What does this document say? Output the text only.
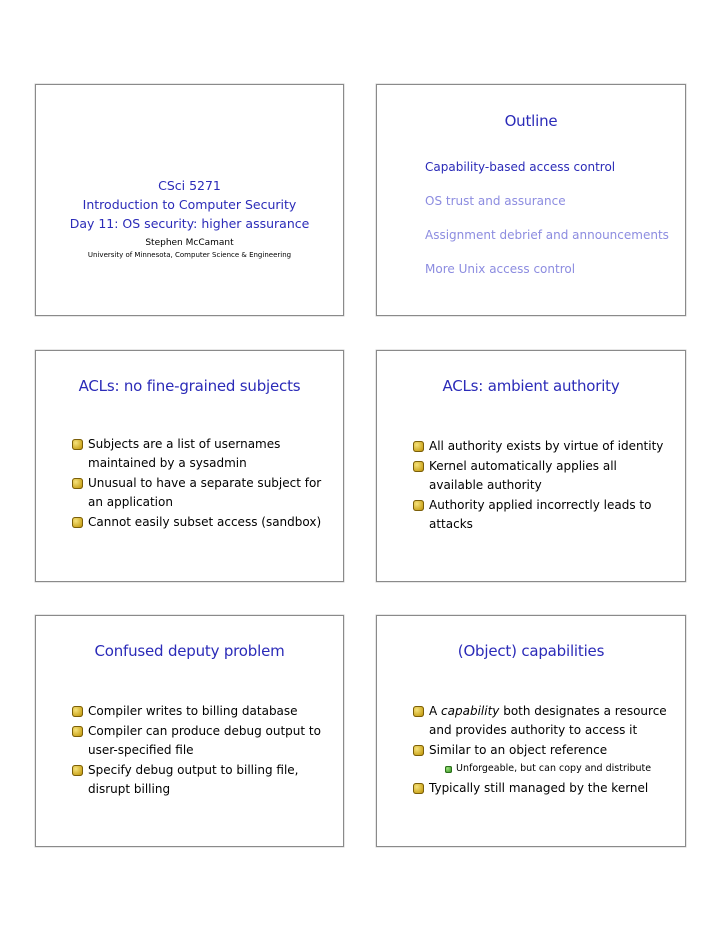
CSci 5271
Introduction to Computer Security
Day 11: OS security: higher assurance
Stephen McCamant
University of Minnesota, Computer Science & Engineering
Outline
Capability-based access control
OS trust and assurance
Assignment debrief and announcements
More Unix access control
ACLs: no fine-grained subjects
Subjects are a list of usernames maintained by a sysadmin
Unusual to have a separate subject for an application
Cannot easily subset access (sandbox)
ACLs: ambient authority
All authority exists by virtue of identity
Kernel automatically applies all available authority
Authority applied incorrectly leads to attacks
Confused deputy problem
Compiler writes to billing database
Compiler can produce debug output to user-specified file
Specify debug output to billing file, disrupt billing
(Object) capabilities
A capability both designates a resource and provides authority to access it
Similar to an object reference
Unforgeable, but can copy and distribute
Typically still managed by the kernel
